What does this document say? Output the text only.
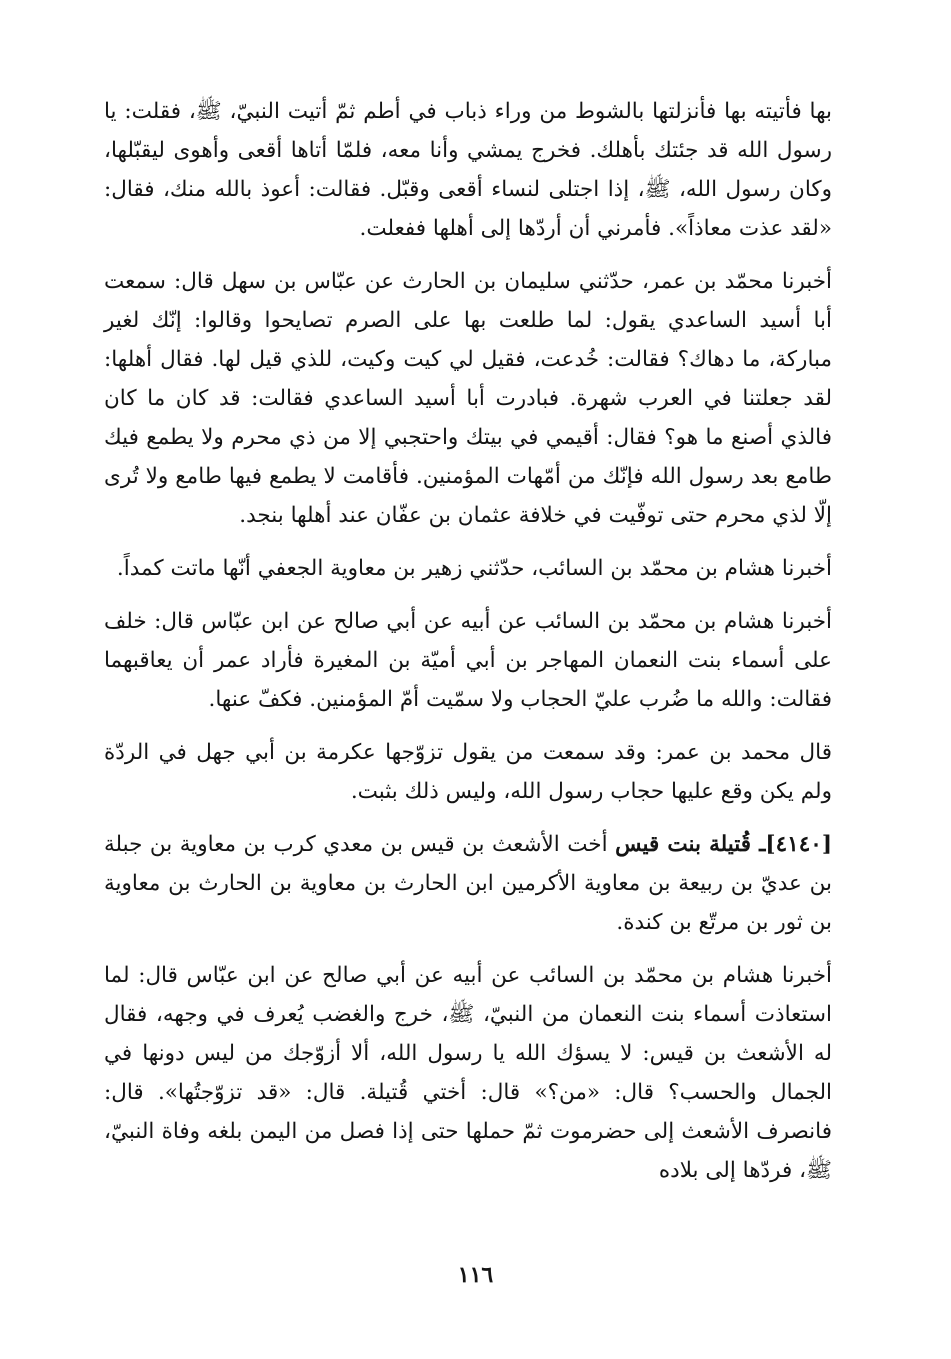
بها فأتيته بها فأنزلتها بالشوط من وراء ذباب في أطم ثمّ أتيت النبيّ، ﷺ، فقلت: يا رسول الله قد جئتك بأهلك. فخرج يمشي وأنا معه، فلمّا أتاها أقعى وأهوى ليقبّلها، وكان رسول الله، ﷺ، إذا اجتلى لنساء أقعى وقبّل. فقالت: أعوذ بالله منك، فقال: «لقد عذت معاذاً». فأمرني أن أردّها إلى أهلها ففعلت.

أخبرنا محمّد بن عمر، حدّثني سليمان بن الحارث عن عبّاس بن سهل قال: سمعت أبا أسيد الساعدي يقول: لما طلعت بها على الصرم تصايحوا وقالوا: إنّك لغير مباركة، ما دهاك؟ فقالت: خُدعت، فقيل لي كيت وكيت، للذي قيل لها. فقال أهلها: لقد جعلتنا في العرب شهرة. فبادرت أبا أسيد الساعدي فقالت: قد كان ما كان فالذي أصنع ما هو؟ فقال: أقيمي في بيتك واحتجبي إلا من ذي محرم ولا يطمع فيك طامع بعد رسول الله فإنّك من أمّهات المؤمنين. فأقامت لا يطمع فيها طامع ولا تُرى إلّا لذي محرم حتى توفّيت في خلافة عثمان بن عفّان عند أهلها بنجد.

أخبرنا هشام بن محمّد بن السائب، حدّثني زهير بن معاوية الجعفي أنّها ماتت كمداً.

أخبرنا هشام بن محمّد بن السائب عن أبيه عن أبي صالح عن ابن عبّاس قال: خلف على أسماء بنت النعمان المهاجر بن أبي أميّة بن المغيرة فأراد عمر أن يعاقبهما فقالت: والله ما ضُرب عليّ الحجاب ولا سمّيت أمّ المؤمنين. فكفّ عنها.

قال محمد بن عمر: وقد سمعت من يقول تزوّجها عكرمة بن أبي جهل في الردّة ولم يكن وقع عليها حجاب رسول الله، وليس ذلك بثبت.

[٤١٤٠]ـ قُتيلة بنت قيس أخت الأشعث بن قيس بن معدي كرب بن معاوية بن جبلة بن عديّ بن ربيعة بن معاوية الأكرمين ابن الحارث بن معاوية بن الحارث بن معاوية بن ثور بن مرتّع بن كندة.

أخبرنا هشام بن محمّد بن السائب عن أبيه عن أبي صالح عن ابن عبّاس قال: لما استعاذت أسماء بنت النعمان من النبيّ، ﷺ، خرج والغضب يُعرف في وجهه، فقال له الأشعث بن قيس: لا يسؤك الله يا رسول الله، ألا أزوّجك من ليس دونها في الجمال والحسب؟ قال: «من؟» قال: أختي قُتيلة. قال: «قد تزوّجتُها». قال: فانصرف الأشعث إلى حضرموت ثمّ حملها حتى إذا فصل من اليمن بلغه وفاة النبيّ، ﷺ، فردّها إلى بلاده

١١٦
